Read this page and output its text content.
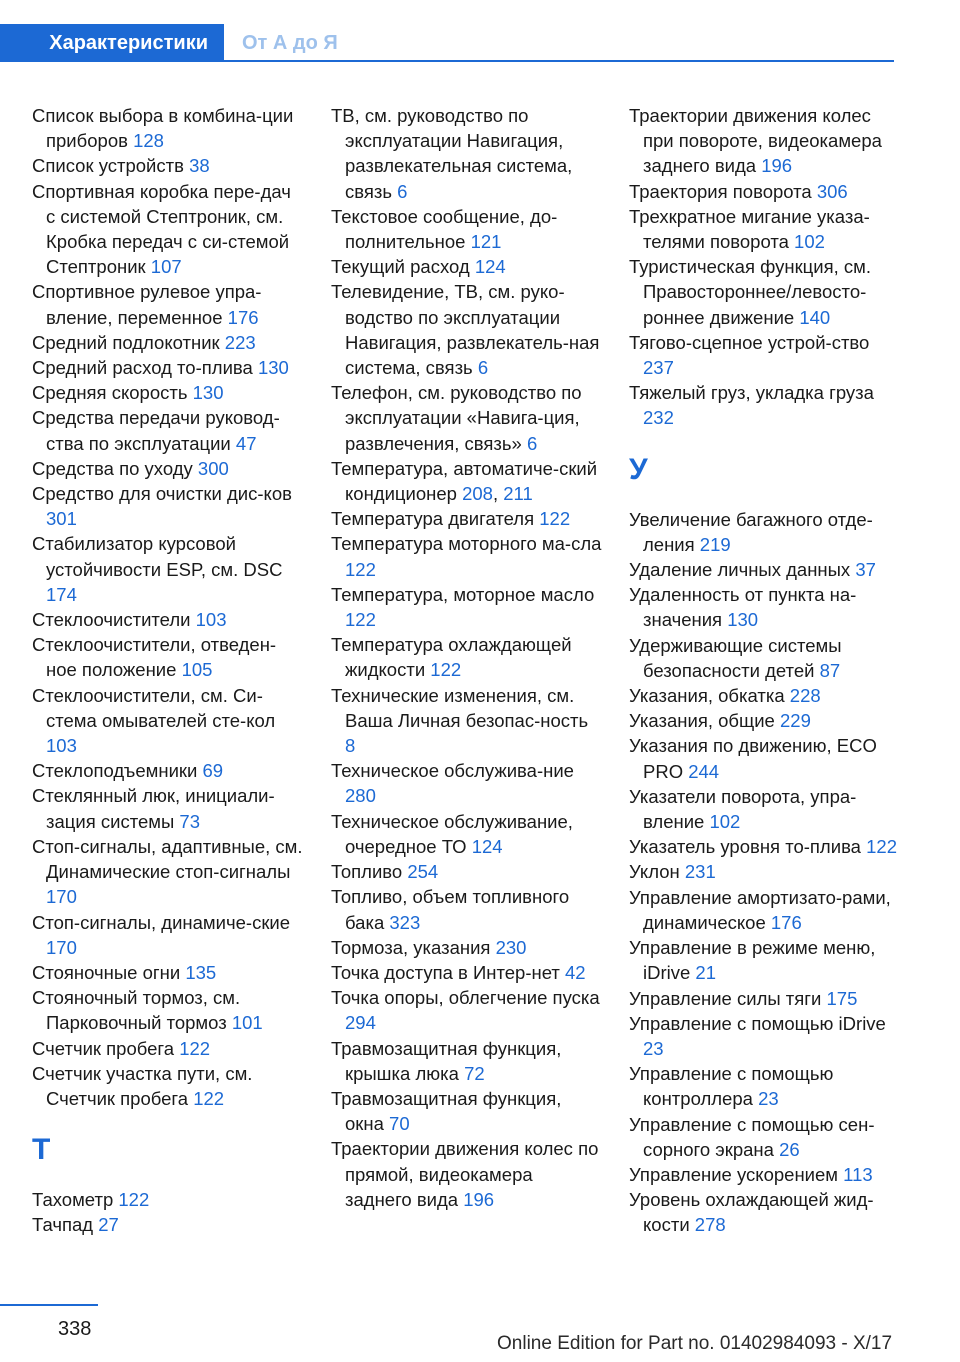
Характеристики	От А до Я
Список выбора в комбина-ции приборов 128
Список устройств 38
Спортивная коробка пере-дач с системой Стептроник, см. Кробка передач с си-стемой Стептроник 107
Спортивное рулевое упра-вление, переменное 176
Средний подлокотник 223
Средний расход то-плива 130
Средняя скорость 130
Средства передачи руковод-ства по эксплуатации 47
Средства по уходу 300
Средство для очистки дис-ков 301
Стабилизатор курсовой устойчивости ESP, см. DSC 174
Стеклоочистители 103
Стеклоочистители, отведен-ное положение 105
Стеклоочистители, см. Си-стема омывателей сте-кол 103
Стеклоподъемники 69
Стеклянный люк, инициали-зация системы 73
Стоп-сигналы, адаптивные, см. Динамические стоп-сигналы 170
Стоп-сигналы, динамиче-ские 170
Стояночные огни 135
Стояночный тормоз, см. Парковочный тормоз 101
Счетчик пробега 122
Счетчик участка пути, см. Счетчик пробега 122
Т
Тахометр 122
Тачпад 27
ТВ, см. руководство по эксплуатации Навигация, развлекательная система, связь 6
Текстовое сообщение, до-полнительное 121
Текущий расход 124
Телевидение, ТВ, см. руко-водство по эксплуатации Навигация, развлекатель-ная система, связь 6
Телефон, см. руководство по эксплуатации «Навига-ция, развлечения, связь» 6
Температура, автоматиче-ский кондиционер 208, 211
Температура двигателя 122
Температура моторного ма-сла 122
Температура, моторное масло 122
Температура охлаждающей жидкости 122
Технические изменения, см. Ваша Личная безопас-ность 8
Техническое обслужива-ние 280
Техническое обслуживание, очередное ТО 124
Топливо 254
Топливо, объем топливного бака 323
Тормоза, указания 230
Точка доступа в Интер-нет 42
Точка опоры, облегчение пуска 294
Травмозащитная функция, крышка люка 72
Травмозащитная функция, окна 70
Траектории движения колес по прямой, видеокамера заднего вида 196
Траектории движения колес при повороте, видеокамера заднего вида 196
Траектория поворота 306
Трехкратное мигание указа-телями поворота 102
Туристическая функция, см. Правостороннее/левосто-роннее движение 140
Тягово-сцепное устрой-ство 237
Тяжелый груз, укладка груза 232
У
Увеличение багажного отде-ления 219
Удаление личных данных 37
Удаленность от пункта на-значения 130
Удерживающие системы безопасности детей 87
Указания, обкатка 228
Указания, общие 229
Указания по движению, ECO PRO 244
Указатели поворота, упра-вление 102
Указатель уровня то-плива 122
Уклон 231
Управление амортизато-рами, динамическое 176
Управление в режиме меню, iDrive 21
Управление силы тяги 175
Управление с помощью iDrive 23
Управление с помощью контроллера 23
Управление с помощью сен-сорного экрана 26
Управление ускорением 113
Уровень охлаждающей жид-кости 278
338
Online Edition for Part no. 01402984093 - X/17
